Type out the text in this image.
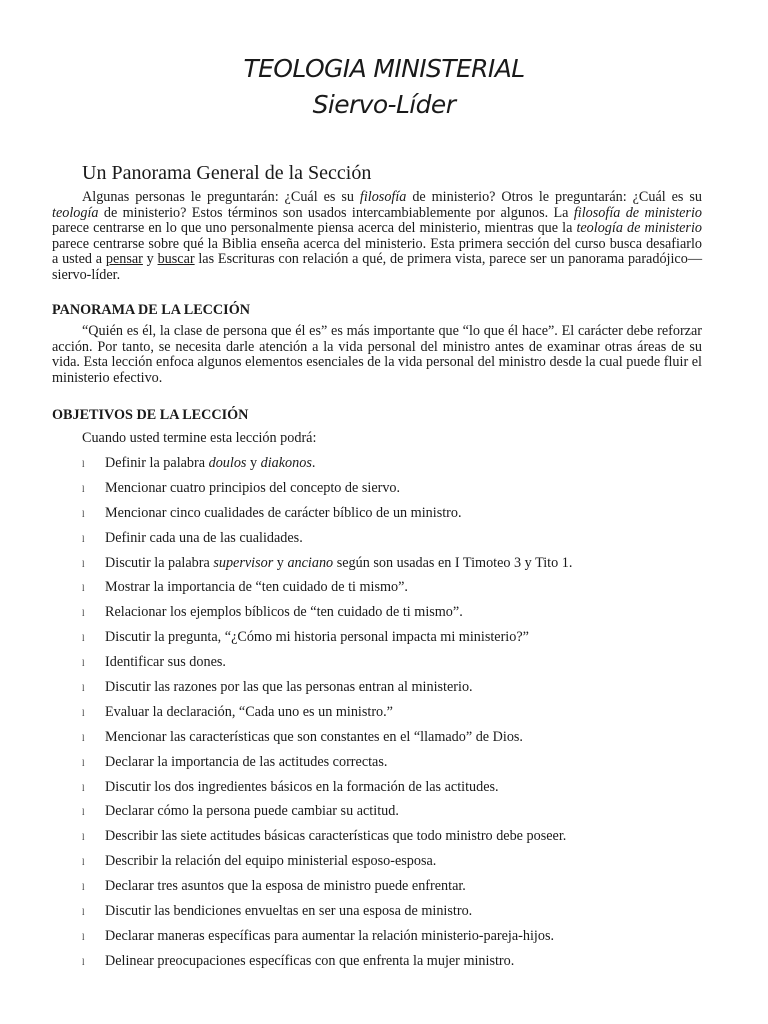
TEOLOGIA MINISTERIAL
Siervo-Líder
Un Panorama General de la Sección

Algunas personas le preguntarán: ¿Cuál es su filosofía de ministerio? Otros le preguntarán: ¿Cuál es su teología de ministerio? Estos términos son usados intercambiablemente por algunos. La filosofía de ministerio parece centrarse en lo que uno personalmente piensa acerca del ministerio, mientras que la teología de ministerio parece centrarse sobre qué la Biblia enseña acerca del ministerio. Esta primera sección del curso busca desafiarlo a usted a pensar y buscar las Escrituras con relación a qué, de primera vista, parece ser un panorama paradójico—siervo-líder.

PANORAMA DE LA LECCIÓN

“Quién es él, la clase de persona que él es” es más importante que “lo que él hace”. El carácter debe reforzar acción. Por tanto, se necesita darle atención a la vida personal del ministro antes de examinar otras áreas de su vida. Esta lección enfoca algunos elementos esenciales de la vida personal del ministro desde la cual puede fluir el ministerio efectivo.

OBJETIVOS DE LA LECCIÓN
Cuando usted termine esta lección podrá:
l Definir la palabra doulos y diakonos.
l Mencionar cuatro principios del concepto de siervo.
l Mencionar cinco cualidades de carácter bíblico de un ministro.
l Definir cada una de las cualidades.
l Discutir la palabra supervisor y anciano según son usadas en I Timoteo 3 y Tito 1.
l Mostrar la importancia de “ten cuidado de ti mismo”.
l Relacionar los ejemplos bíblicos de “ten cuidado de ti mismo”.
l Discutir la pregunta, “¿Cómo mi historia personal impacta mi ministerio?”
l Identificar sus dones.
l Discutir las razones por las que las personas entran al ministerio.
l Evaluar la declaración, “Cada uno es un ministro.”
l Mencionar las características que son constantes en el “llamado” de Dios.
l Declarar la importancia de las actitudes correctas.
l Discutir los dos ingredientes básicos en la formación de las actitudes.
l Declarar cómo la persona puede cambiar su actitud.
l Describir las siete actitudes básicas características que todo ministro debe poseer.
l Describir la relación del equipo ministerial esposo-esposa.
l Declarar tres asuntos que la esposa de ministro puede enfrentar.
l Discutir las bendiciones envueltas en ser una esposa de ministro.
l Declarar maneras específicas para aumentar la relación ministerio-pareja-hijos.
l Delinear preocupaciones específicas con que enfrenta la mujer ministro.
